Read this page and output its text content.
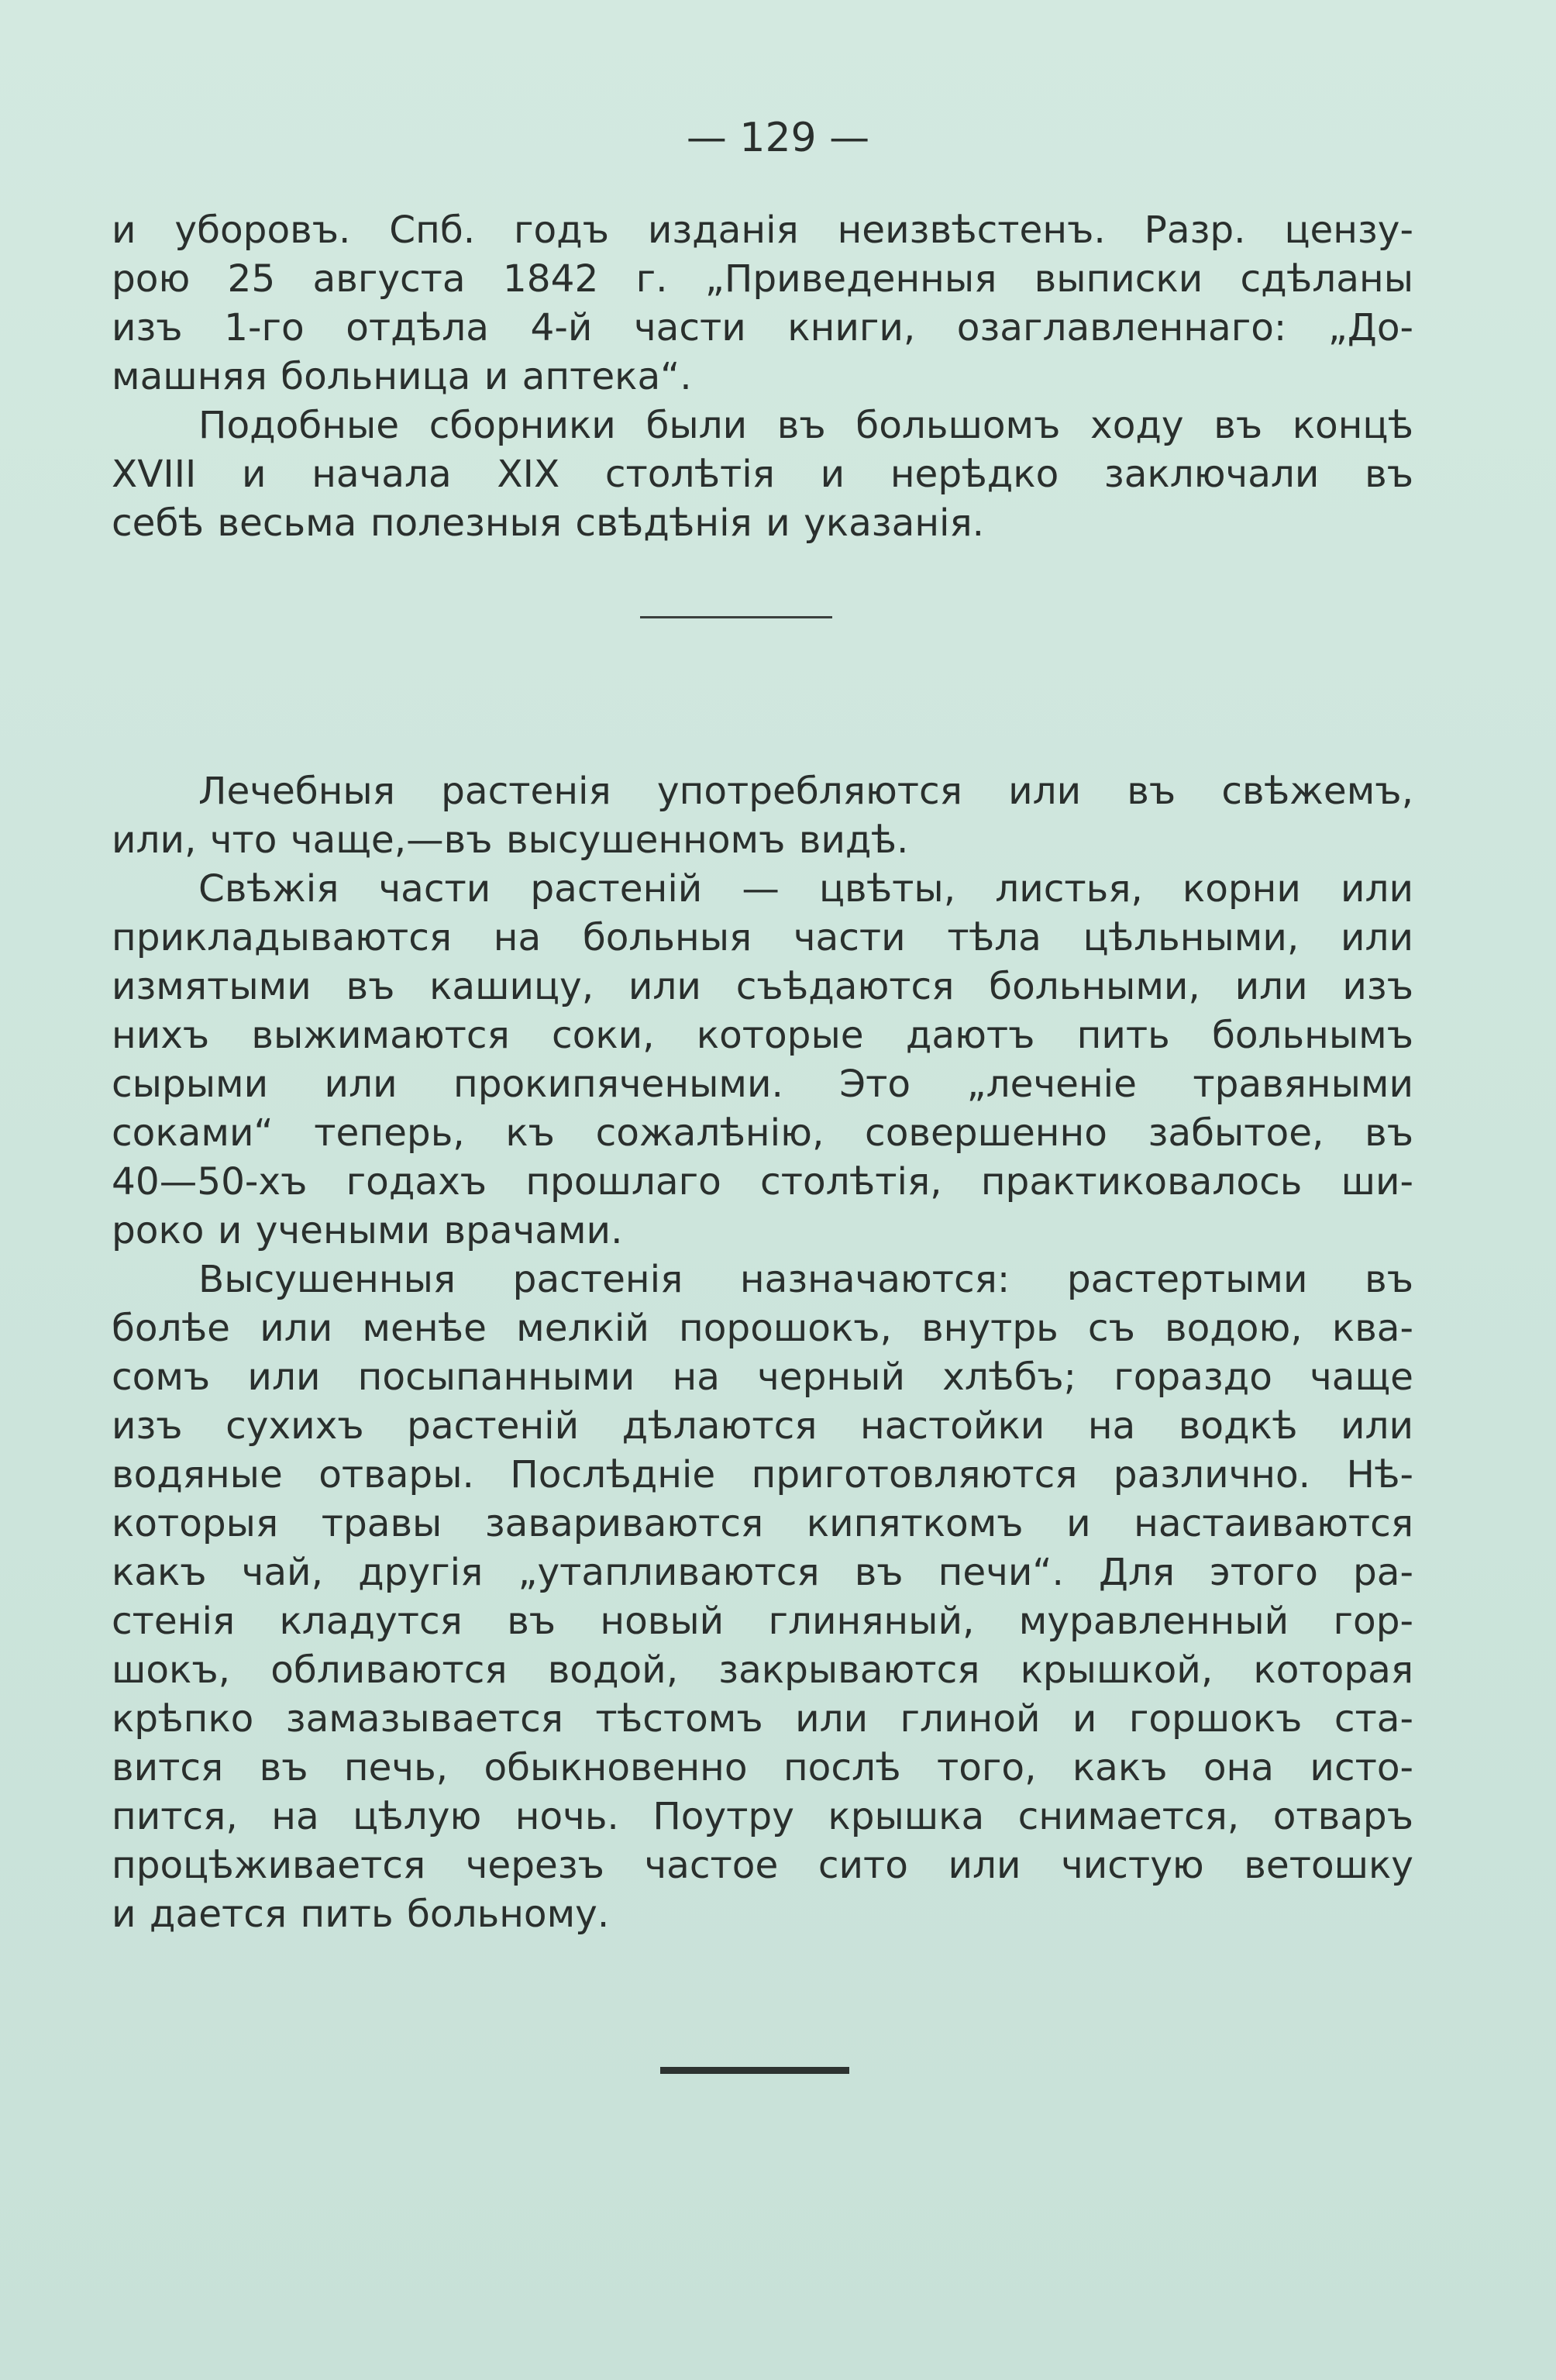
— 129 —
и уборовъ. Спб. годъ изданія неизвѣстенъ. Разр. цензу-
рою 25 августа 1842 г. „Приведенныя выписки сдѣланы
изъ 1-го отдѣла 4-й части книги, озаглавленнаго: „До-
машняя больница и аптека“.
Подобные сборники были въ большомъ ходу въ концѣ
XVIII и начала XIX столѣтія и нерѣдко заключали въ
себѣ весьма полезныя свѣдѣнія и указанія.
Лечебныя растенія употребляются или въ свѣжемъ,
или, что чаще,—въ высушенномъ видѣ.
Свѣжія части растеній — цвѣты, листья, корни или
прикладываются на больныя части тѣла цѣльными, или
измятыми въ кашицу, или съѣдаются больными, или изъ
нихъ выжимаются соки, которые даютъ пить больнымъ
сырыми или прокипячеными. Это „леченіе травяными
соками“ теперь, къ сожалѣнію, совершенно забытое, въ
40—50-хъ годахъ прошлаго столѣтія, практиковалось ши-
роко и учеными врачами.
Высушенныя растенія назначаются: растертыми въ
болѣе или менѣе мелкій порошокъ, внутрь съ водою, ква-
сомъ или посыпанными на черный хлѣбъ; гораздо чаще
изъ сухихъ растеній дѣлаются настойки на водкѣ или
водяные отвары. Послѣдніе приготовляются различно. Нѣ-
которыя травы завариваются кипяткомъ и настаиваются
какъ чай, другія „утапливаются въ печи“. Для этого ра-
стенія кладутся въ новый глиняный, муравленный гор-
шокъ, обливаются водой, закрываются крышкой, которая
крѣпко замазывается тѣстомъ или глиной и горшокъ ста-
вится въ печь, обыкновенно послѣ того, какъ она исто-
пится, на цѣлую ночь. Поутру крышка снимается, отваръ
процѣживается черезъ частое сито или чистую ветошку
и дается пить больному.
